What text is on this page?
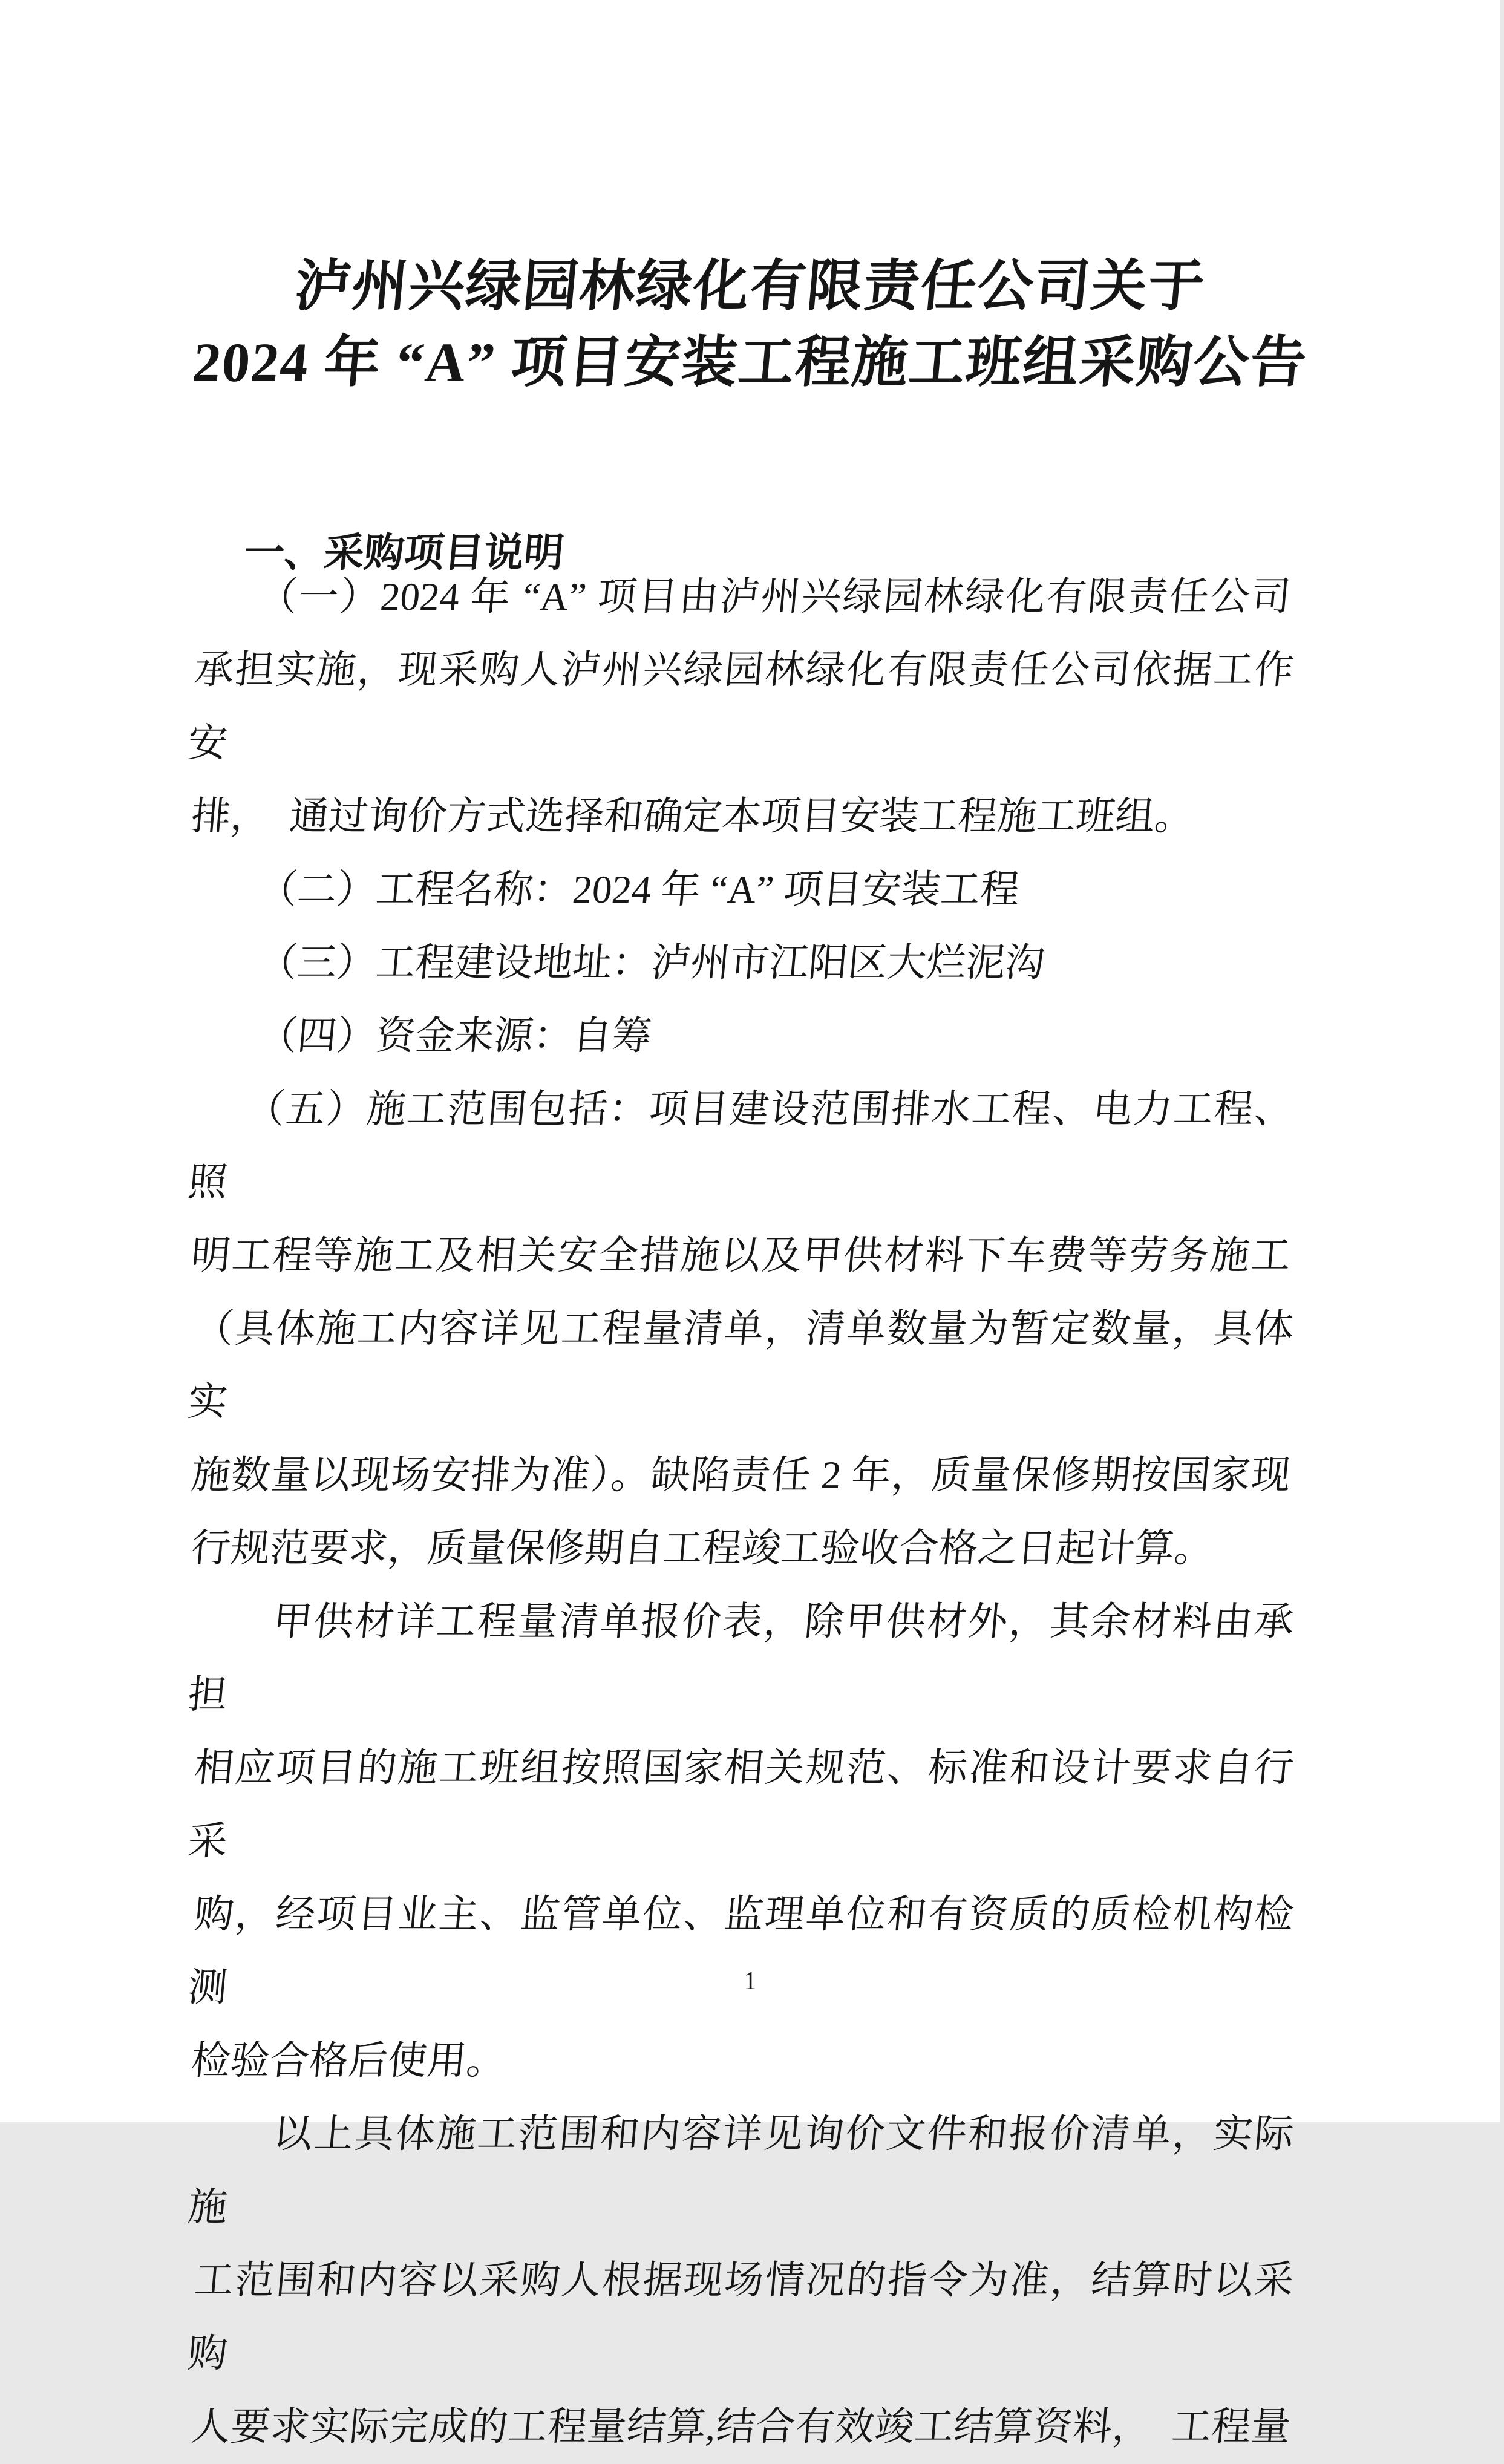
泸州兴绿园林绿化有限责任公司关于
2024 年 “A” 项目安装工程施工班组采购公告
一、采购项目说明
（一）2024 年 “A” 项目由泸州兴绿园林绿化有限责任公司
承担实施，现采购人泸州兴绿园林绿化有限责任公司依据工作安
排，　通过询价方式选择和确定本项目安装工程施工班组。
（二）工程名称：2024 年 “A” 项目安装工程
（三）工程建设地址：泸州市江阳区大烂泥沟
（四）资金来源：自筹
（五）施工范围包括：项目建设范围排水工程、电力工程、照
明工程等施工及相关安全措施以及甲供材料下车费等劳务施工
（具体施工内容详见工程量清单，清单数量为暂定数量，具体实
施数量以现场安排为准）。缺陷责任 2 年，质量保修期按国家现
行规范要求，质量保修期自工程竣工验收合格之日起计算。
甲供材详工程量清单报价表，除甲供材外，其余材料由承担
相应项目的施工班组按照国家相关规范、标准和设计要求自行采
购，经项目业主、监管单位、监理单位和有资质的质检机构检测
检验合格后使用。
以上具体施工范围和内容详见询价文件和报价清单，实际施
工范围和内容以采购人根据现场情况的指令为准，结算时以采购
人要求实际完成的工程量结算,结合有效竣工结算资料，　工程量
1
